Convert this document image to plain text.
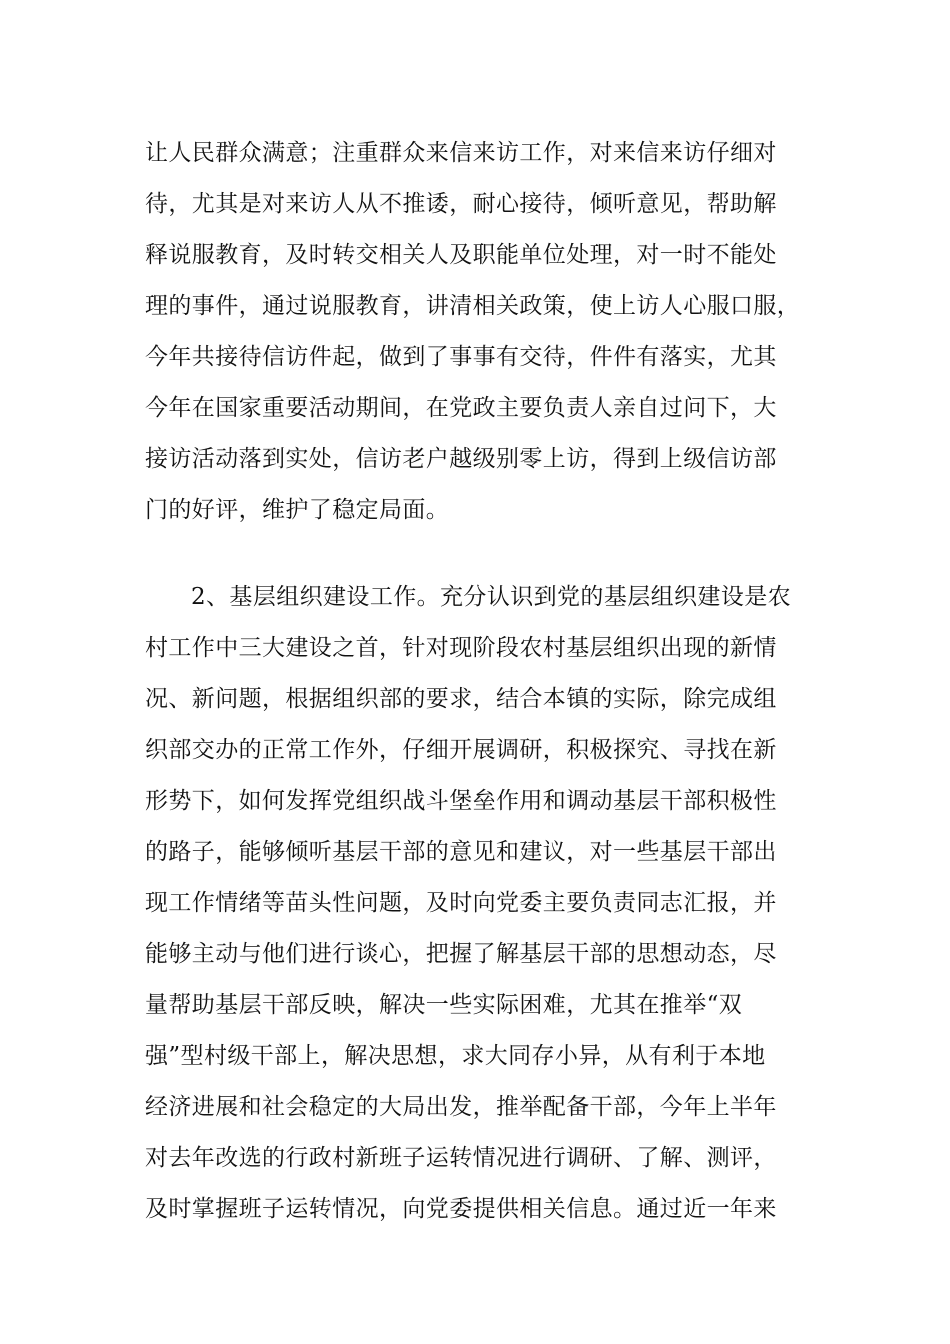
让人民群众满意；注重群众来信来访工作，对来信来访仔细对
待，尤其是对来访人从不推诿，耐心接待，倾听意见，帮助解
释说服教育，及时转交相关人及职能单位处理，对一时不能处
理的事件，通过说服教育，讲清相关政策，使上访人心服口服，
今年共接待信访件起，做到了事事有交待，件件有落实，尤其
今年在国家重要活动期间，在党政主要负责人亲自过问下，大
接访活动落到实处，信访老户越级别零上访，得到上级信访部
门的好评，维护了稳定局面。
2、基层组织建设工作。充分认识到党的基层组织建设是农
村工作中三大建设之首，针对现阶段农村基层组织出现的新情
况、新问题，根据组织部的要求，结合本镇的实际，除完成组
织部交办的正常工作外，仔细开展调研，积极探究、寻找在新
形势下，如何发挥党组织战斗堡垒作用和调动基层干部积极性
的路子，能够倾听基层干部的意见和建议，对一些基层干部出
现工作情绪等苗头性问题，及时向党委主要负责同志汇报，并
能够主动与他们进行谈心，把握了解基层干部的思想动态，尽
量帮助基层干部反映，解决一些实际困难，尤其在推举“双
强”型村级干部上，解决思想，求大同存小异，从有利于本地
经济进展和社会稳定的大局出发，推举配备干部，今年上半年
对去年改选的行政村新班子运转情况进行调研、了解、测评，
及时掌握班子运转情况，向党委提供相关信息。通过近一年来
